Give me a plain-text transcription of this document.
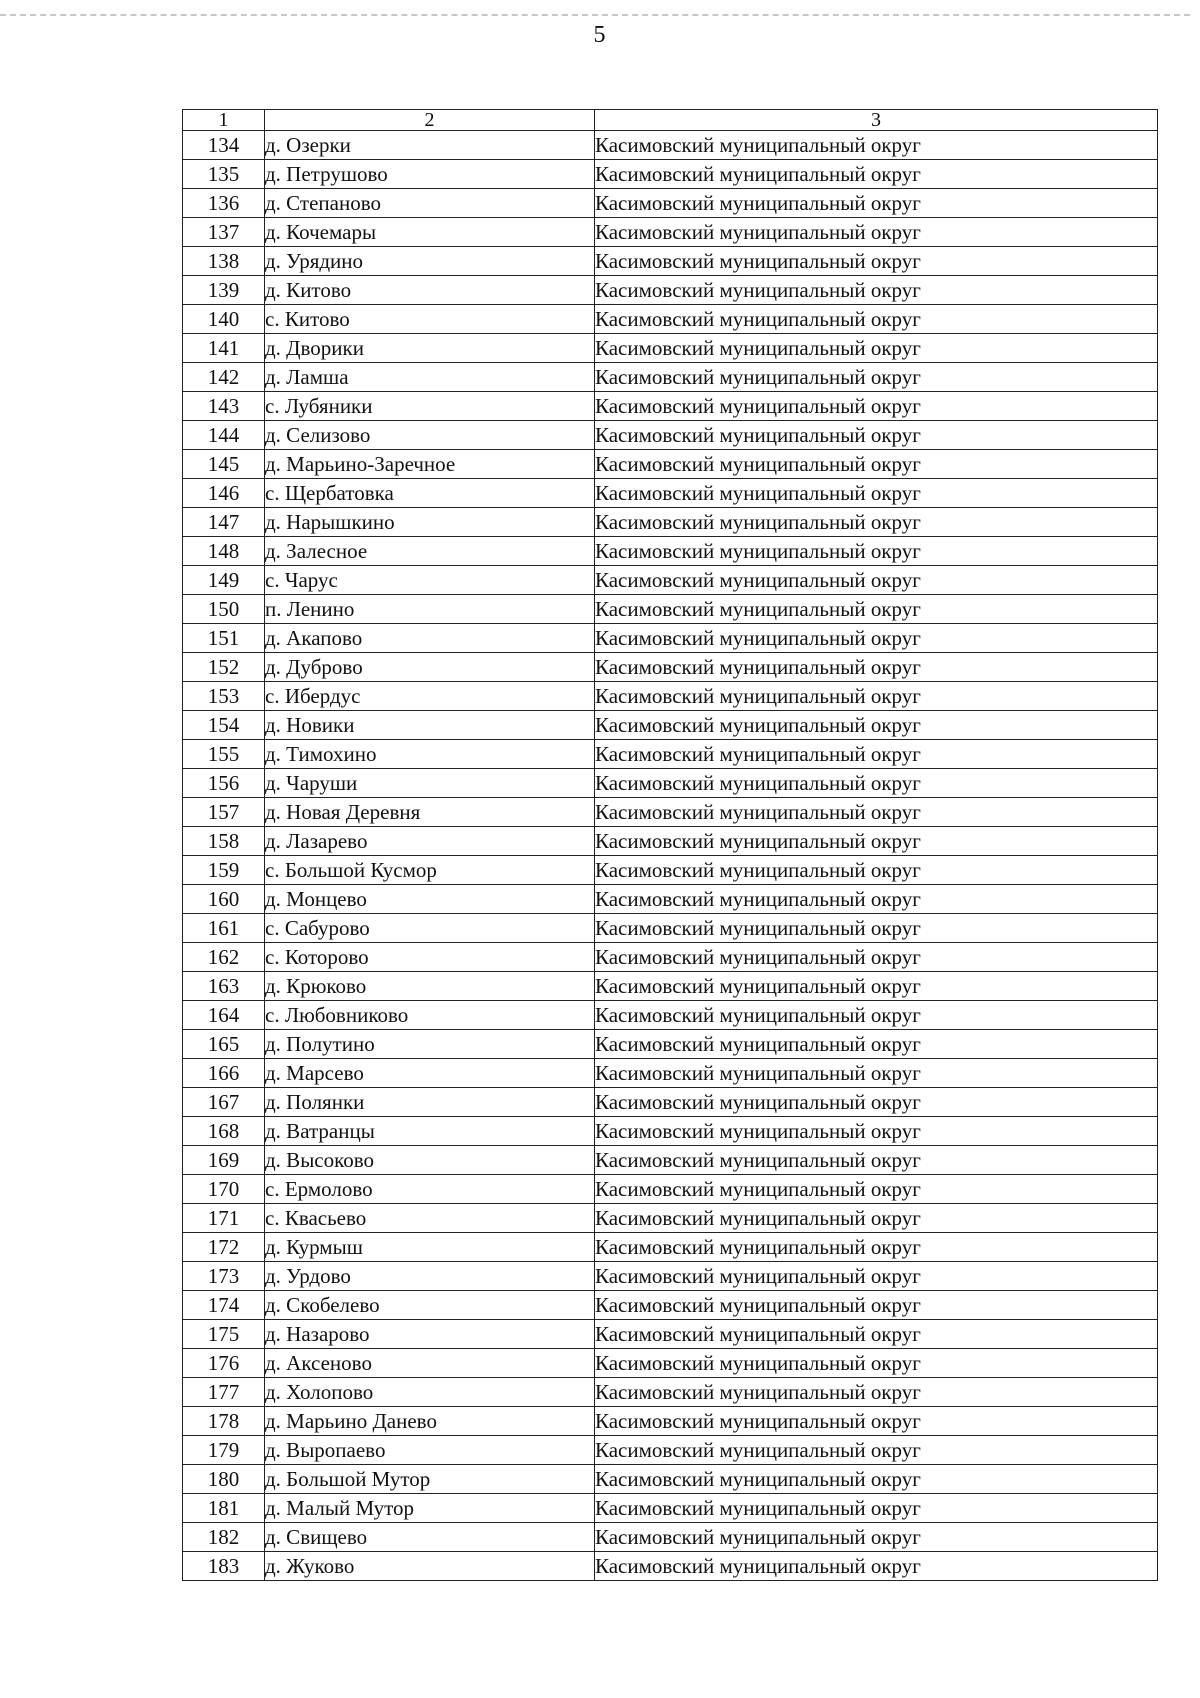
5
1	2	3
134	д. Озерки	Касимовский муниципальный округ
135	д. Петрушово	Касимовский муниципальный округ
136	д. Степаново	Касимовский муниципальный округ
137	д. Кочемары	Касимовский муниципальный округ
138	д. Урядино	Касимовский муниципальный округ
139	д. Китово	Касимовский муниципальный округ
140	с. Китово	Касимовский муниципальный округ
141	д. Дворики	Касимовский муниципальный округ
142	д. Ламша	Касимовский муниципальный округ
143	с. Лубяники	Касимовский муниципальный округ
144	д. Селизово	Касимовский муниципальный округ
145	д. Марьино-Заречное	Касимовский муниципальный округ
146	с. Щербатовка	Касимовский муниципальный округ
147	д. Нарышкино	Касимовский муниципальный округ
148	д. Залесное	Касимовский муниципальный округ
149	с. Чарус	Касимовский муниципальный округ
150	п. Ленино	Касимовский муниципальный округ
151	д. Акапово	Касимовский муниципальный округ
152	д. Дуброво	Касимовский муниципальный округ
153	с. Ибердус	Касимовский муниципальный округ
154	д. Новики	Касимовский муниципальный округ
155	д. Тимохино	Касимовский муниципальный округ
156	д. Чаруши	Касимовский муниципальный округ
157	д. Новая Деревня	Касимовский муниципальный округ
158	д. Лазарево	Касимовский муниципальный округ
159	с. Большой Кусмор	Касимовский муниципальный округ
160	д. Монцево	Касимовский муниципальный округ
161	с. Сабурово	Касимовский муниципальный округ
162	с. Которово	Касимовский муниципальный округ
163	д. Крюково	Касимовский муниципальный округ
164	с. Любовниково	Касимовский муниципальный округ
165	д. Полутино	Касимовский муниципальный округ
166	д. Марсево	Касимовский муниципальный округ
167	д. Полянки	Касимовский муниципальный округ
168	д. Ватранцы	Касимовский муниципальный округ
169	д. Высоково	Касимовский муниципальный округ
170	с. Ермолово	Касимовский муниципальный округ
171	с. Квасьево	Касимовский муниципальный округ
172	д. Курмыш	Касимовский муниципальный округ
173	д. Урдово	Касимовский муниципальный округ
174	д. Скобелево	Касимовский муниципальный округ
175	д. Назарово	Касимовский муниципальный округ
176	д. Аксеново	Касимовский муниципальный округ
177	д. Холопово	Касимовский муниципальный округ
178	д. Марьино Данево	Касимовский муниципальный округ
179	д. Выропаево	Касимовский муниципальный округ
180	д. Большой Мутор	Касимовский муниципальный округ
181	д. Малый Мутор	Касимовский муниципальный округ
182	д. Свищево	Касимовский муниципальный округ
183	д. Жуково	Касимовский муниципальный округ
